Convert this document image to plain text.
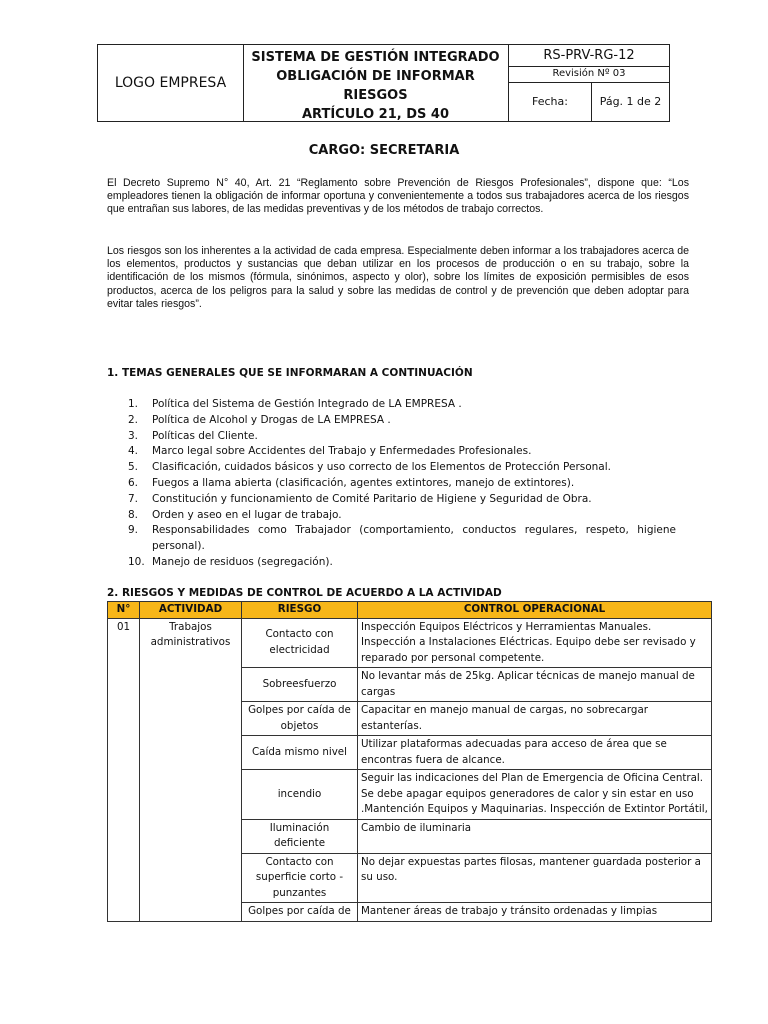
LOGO EMPRESA
SISTEMA DE GESTIÓN INTEGRADO
OBLIGACIÓN DE INFORMAR RIESGOS
ARTÍCULO 21, DS 40
RS-PRV-RG-12
Revisión Nº 03
Fecha:	Pág. 1 de 2
CARGO: SECRETARIA
El Decreto Supremo N° 40, Art. 21 “Reglamento sobre Prevención de Riesgos Profesionales”, dispone que: “Los empleadores tienen la obligación de informar oportuna y convenientemente a todos sus trabajadores acerca de los riesgos que entrañan sus labores, de las medidas preventivas y de los métodos de trabajo correctos.
Los riesgos son los inherentes a la actividad de cada empresa. Especialmente deben informar a los trabajadores acerca de los elementos, productos y sustancias que deban utilizar en los procesos de producción o en su trabajo, sobre la identificación de los mismos (fórmula, sinónimos, aspecto y olor), sobre los límites de exposición permisibles de esos productos, acerca de los peligros para la salud y sobre las medidas de control y de prevención que deben adoptar para evitar tales riesgos”.
1. TEMAS GENERALES QUE SE INFORMARAN A CONTINUACIÓN
1. Política del Sistema de Gestión Integrado de LA EMPRESA .
2. Política de Alcohol y Drogas de LA EMPRESA .
3. Políticas del Cliente.
4. Marco legal sobre Accidentes del Trabajo y Enfermedades Profesionales.
5. Clasificación, cuidados básicos y uso correcto de los Elementos de Protección Personal.
6. Fuegos a llama abierta (clasificación, agentes extintores, manejo de extintores).
7. Constitución y funcionamiento de Comité Paritario de Higiene y Seguridad de Obra.
8. Orden y aseo en el lugar de trabajo.
9. Responsabilidades como Trabajador (comportamiento, conductos regulares, respeto, higiene personal).
10. Manejo de residuos (segregación).
2. RIESGOS Y MEDIDAS DE CONTROL DE ACUERDO A LA ACTIVIDAD
N°	ACTIVIDAD	RIESGO	CONTROL OPERACIONAL
01	Trabajos administrativos	Contacto con electricidad	Inspección Equipos Eléctricos y Herramientas Manuales. Inspección a Instalaciones Eléctricas. Equipo debe ser revisado y reparado por personal competente.
		Sobreesfuerzo	No levantar más de 25kg. Aplicar técnicas de manejo manual de cargas
		Golpes por caída de objetos	Capacitar en manejo manual de cargas, no sobrecargar estanterías.
		Caída mismo nivel	Utilizar plataformas adecuadas para acceso de área que se encontras fuera de alcance.
		incendio	Seguir las indicaciones del Plan de Emergencia de Oficina Central. Se debe apagar equipos generadores de calor y sin estar en uso .Mantención Equipos y Maquinarias. Inspección de Extintor Portátil,
		Iluminación deficiente	Cambio de iluminaria
		Contacto con superficie corto - punzantes	No dejar expuestas partes filosas, mantener guardada posterior a su uso.
		Golpes por caída de	Mantener áreas de trabajo y tránsito ordenadas y limpias
